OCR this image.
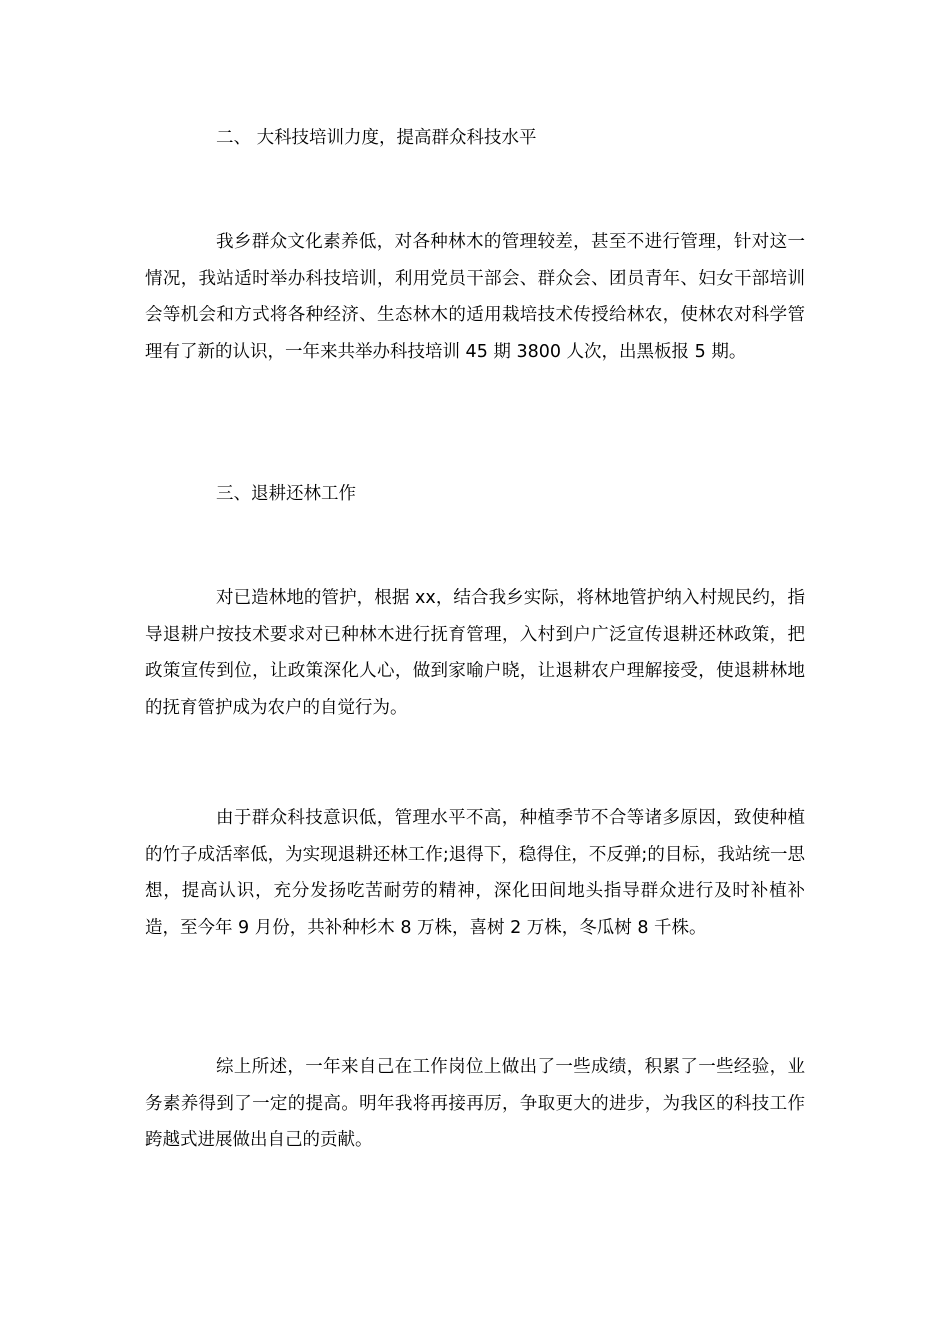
二、 大科技培训力度，提高群众科技水平
我乡群众文化素养低，对各种林木的管理较差，甚至不进行管理，针对这一情况，我站适时举办科技培训，利用党员干部会、群众会、团员青年、妇女干部培训会等机会和方式将各种经济、生态林木的适用栽培技术传授给林农，使林农对科学管理有了新的认识，一年来共举办科技培训 45 期 3800 人次，出黑板报 5 期。
三、退耕还林工作
对已造林地的管护，根据 xx，结合我乡实际，将林地管护纳入村规民约，指导退耕户按技术要求对已种林木进行抚育管理，入村到户广泛宣传退耕还林政策，把政策宣传到位，让政策深化人心，做到家喻户晓，让退耕农户理解接受，使退耕林地的抚育管护成为农户的自觉行为。
由于群众科技意识低，管理水平不高，种植季节不合等诸多原因，致使种植的竹子成活率低，为实现退耕还林工作;退得下，稳得住，不反弹;的目标，我站统一思想，提高认识，充分发扬吃苦耐劳的精神，深化田间地头指导群众进行及时补植补造，至今年 9 月份，共补种杉木 8 万株，喜树 2 万株，冬瓜树 8 千株。
综上所述，一年来自己在工作岗位上做出了一些成绩，积累了一些经验，业务素养得到了一定的提高。明年我将再接再厉，争取更大的进步，为我区的科技工作跨越式进展做出自己的贡献。
